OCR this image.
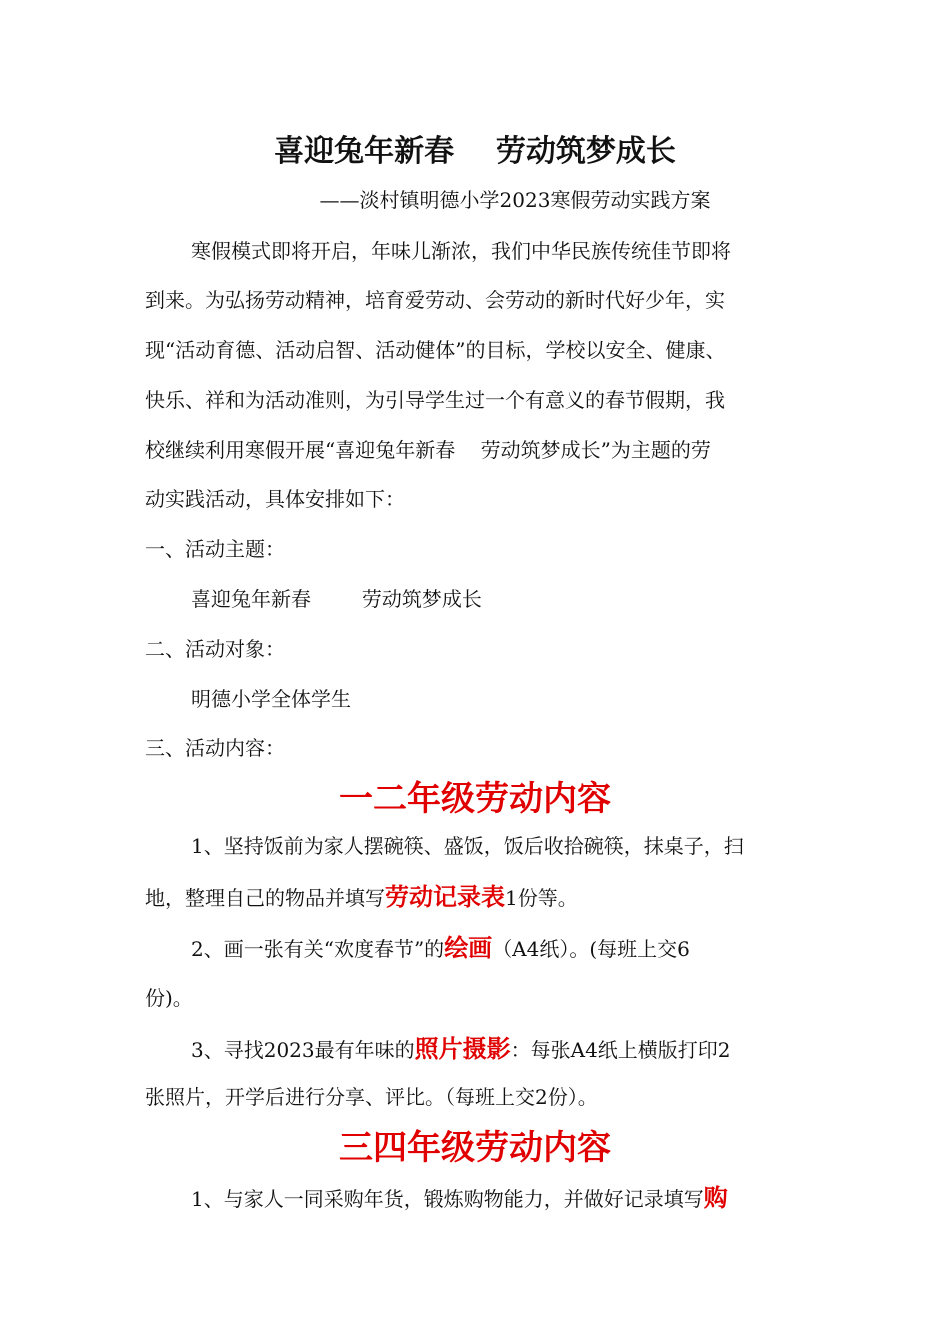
喜迎兔年新春    劳动筑梦成长

——淡村镇明德小学2023寒假劳动实践方案

寒假模式即将开启，年味儿渐浓，我们中华民族传统佳节即将

到来。为弘扬劳动精神，培育爱劳动、会劳动的新时代好少年，实

现“活动育德、活动启智、活动健体”的目标，学校以安全、健康、

快乐、祥和为活动准则，为引导学生过一个有意义的春节假期，我

校继续利用寒假开展“喜迎兔年新春    劳动筑梦成长”为主题的劳

动实践活动，具体安排如下：

一、活动主题：

喜迎兔年新春        劳动筑梦成长

二、活动对象：

明德小学全体学生

三、活动内容：

一二年级劳动内容

1、坚持饭前为家人摆碗筷、盛饭，饭后收拾碗筷，抹桌子，扫

地，整理自己的物品并填写劳动记录表1份等。

2、画一张有关“欢度春节”的绘画（A4纸）。(每班上交6

份)。

3、寻找2023最有年味的照片摄影：每张A4纸上横版打印2

张照片，开学后进行分享、评比。（每班上交2份）。

三四年级劳动内容

1、与家人一同采购年货，锻炼购物能力，并做好记录填写购
